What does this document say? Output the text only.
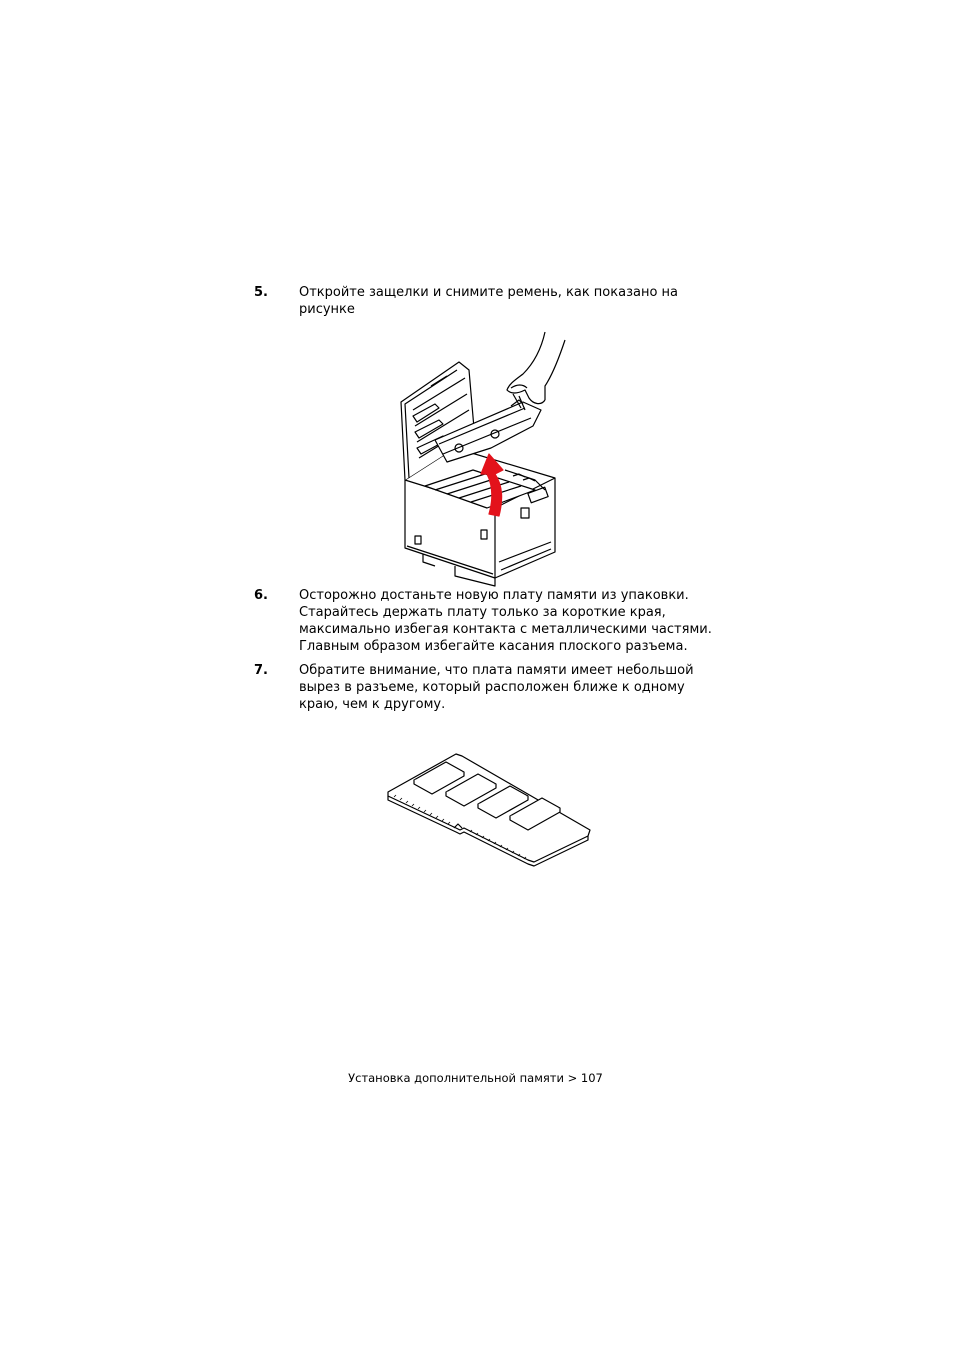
5. Откройте защелки и снимите ремень, как показано на
рисунке
6. Осторожно достаньте новую плату памяти из упаковки.
Старайтесь держать плату только за короткие края,
максимально избегая контакта с металлическими частями.
Главным образом избегайте касания плоского разъема.
7. Обратите внимание, что плата памяти имеет небольшой
вырез в разъеме, который расположен ближе к одному
краю, чем к другому.
Установка дополнительной памяти > 107
